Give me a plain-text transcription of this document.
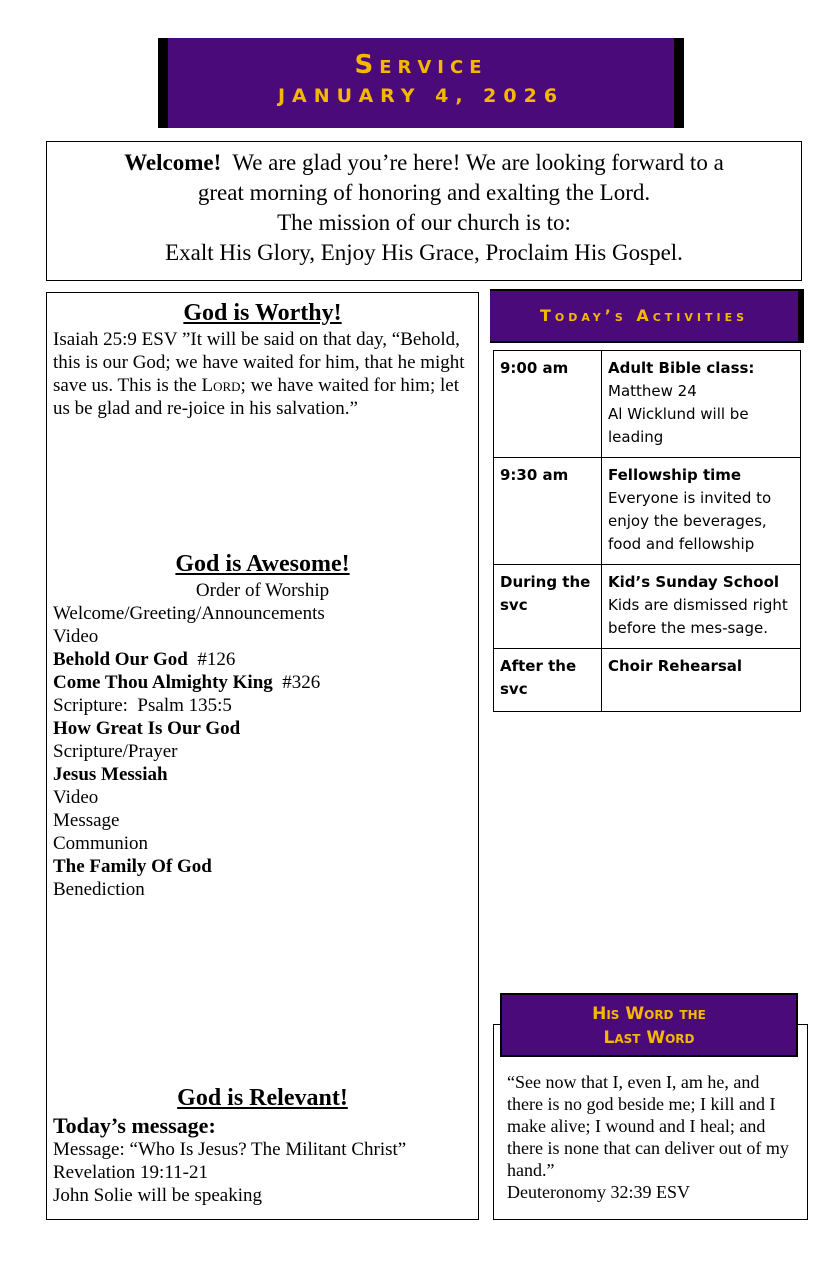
Service
JANUARY 4, 2026
Welcome! We are glad you’re here! We are looking forward to a
great morning of honoring and exalting the Lord.
The mission of our church is to:
Exalt His Glory, Enjoy His Grace, Proclaim His Gospel.
God is Worthy!
Isaiah 25:9 ESV ”It will be said on that day, “Behold, this is our God; we have waited for him, that he might save us. This is the Lord; we have waited for him; let us be glad and re-joice in his salvation.”
God is Awesome!
Order of Worship
Welcome/Greeting/Announcements
Video
Behold Our God  #126
Come Thou Almighty King  #326
Scripture:  Psalm 135:5
How Great Is Our God
Scripture/Prayer
Jesus Messiah
Video
Message
Communion
The Family Of God
Benediction
God is Relevant!
Today’s message:
Message: “Who Is Jesus? The Militant Christ”
Revelation 19:11-21
John Solie will be speaking
Today’s Activities
9:00 am	Adult Bible class:
Matthew 24
Al Wicklund will be leading

9:30 am	Fellowship time
Everyone is invited to enjoy the beverages, food and fellowship

During the svc	Kid’s Sunday School
Kids are dismissed right before the mes-sage.

After the svc	Choir Rehearsal
His Word the
Last Word
“See now that I, even I, am he, and there is no god beside me; I kill and I make alive; I wound and I heal; and there is none that can deliver out of my hand.”
Deuteronomy 32:39 ESV
